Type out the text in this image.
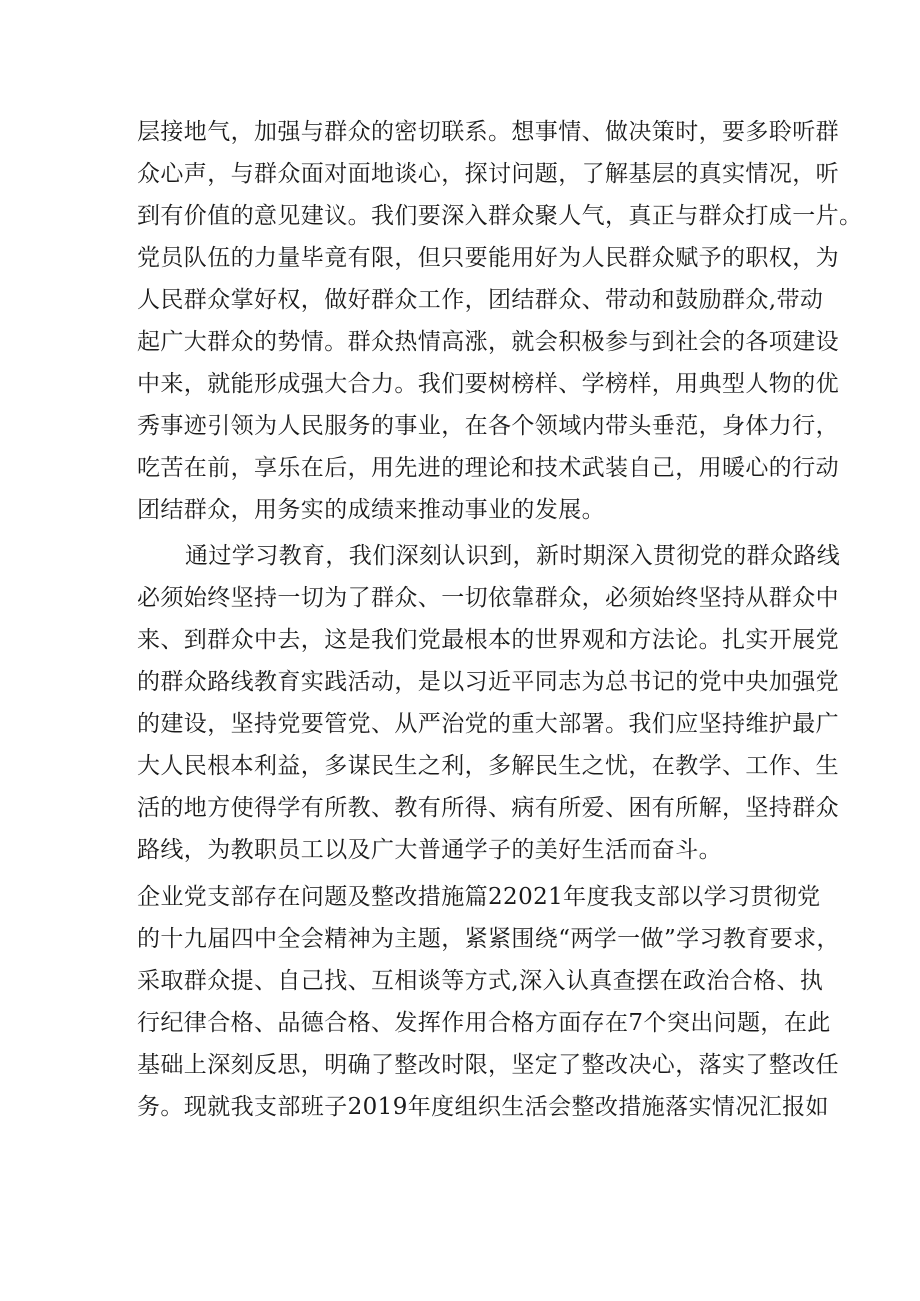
层接地气，加强与群众的密切联系。想事情、做决策时，要多聆听群
众心声，与群众面对面地谈心，探讨问题，了解基层的真实情况，听
到有价值的意见建议。我们要深入群众聚人气，真正与群众打成一片。
党员队伍的力量毕竟有限，但只要能用好为人民群众赋予的职权，为
人民群众掌好权，做好群众工作，团结群众、带动和鼓励群众,带动
起广大群众的势情。群众热情高涨，就会积极参与到社会的各项建设
中来，就能形成强大合力。我们要树榜样、学榜样，用典型人物的优
秀事迹引领为人民服务的事业，在各个领域内带头垂范，身体力行，
吃苦在前，享乐在后，用先进的理论和技术武装自己，用暖心的行动
团结群众，用务实的成绩来推动事业的发展。
通过学习教育，我们深刻认识到，新时期深入贯彻党的群众路线
必须始终坚持一切为了群众、一切依靠群众，必须始终坚持从群众中
来、到群众中去，这是我们党最根本的世界观和方法论。扎实开展党
的群众路线教育实践活动，是以习近平同志为总书记的党中央加强党
的建设，坚持党要管党、从严治党的重大部署。我们应坚持维护最广
大人民根本利益，多谋民生之利，多解民生之忧，在教学、工作、生
活的地方使得学有所教、教有所得、病有所爱、困有所解，坚持群众
路线，为教职员工以及广大普通学子的美好生活而奋斗。
企业党支部存在问题及整改措施篇22021年度我支部以学习贯彻党
的十九届四中全会精神为主题，紧紧围绕“两学一做”学习教育要求，
采取群众提、自己找、互相谈等方式,深入认真查摆在政治合格、执
行纪律合格、品德合格、发挥作用合格方面存在7个突出问题，在此
基础上深刻反思，明确了整改时限，坚定了整改决心，落实了整改任
务。现就我支部班子2019年度组织生活会整改措施落实情况汇报如
